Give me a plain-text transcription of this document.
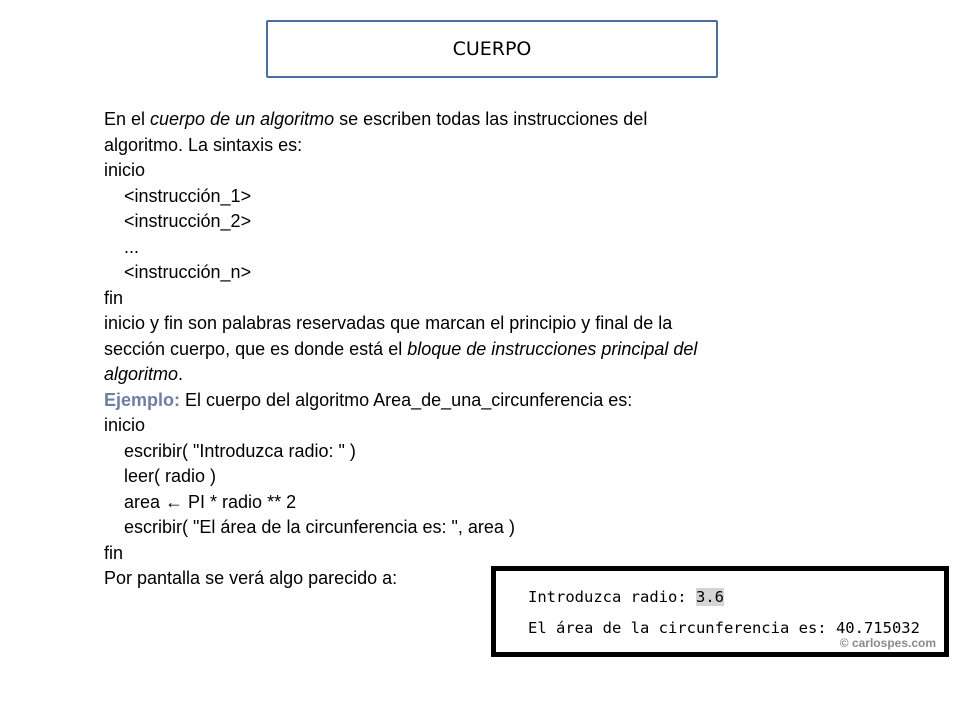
CUERPO
En el cuerpo de un algoritmo se escriben todas las instrucciones del
algoritmo. La sintaxis es:
inicio
<instrucción_1>
<instrucción_2>
...
<instrucción_n>
fin
inicio y fin son palabras reservadas que marcan el principio y final de la
sección cuerpo, que es donde está el bloque de instrucciones principal del
algoritmo.
Ejemplo: El cuerpo del algoritmo Area_de_una_circunferencia es:
inicio
escribir( "Introduzca radio: " )
leer( radio )
area ← PI * radio ** 2
escribir( "El área de la circunferencia es: ", area )
fin
Por pantalla se verá algo parecido a:
Introduzca radio: 3.6
El área de la circunferencia es: 40.715032
© carlospes.com
